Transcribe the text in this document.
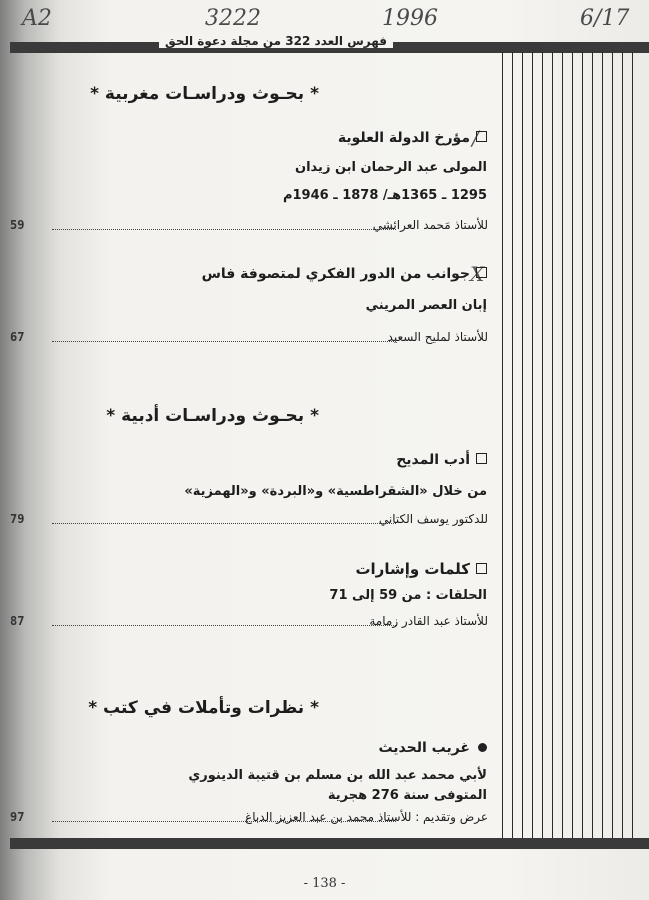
A2	3222	1996	6/17
فهرس العدد 322 من مجلة دعوة الحق
* بحـوث ودراسـات مغربية *
/
مؤرخ الدولة العلوية
المولى عبد الرحمان ابن زيدان
1295 ـ 1365هـ/ 1878 ـ 1946م
59	للأستاذ مَحمد العرائشي
X
جوانب من الدور الفكري لمتصوفة فاس
إبان العصر المريني
67	للأستاذ لمليح السعيد
* بحـوث ودراسـات أدبية *
أدب المديح
من خلال «الشقراطسية» و«البردة» و«الهمزية»
79	للدكتور يوسف الكتاني
كلمات وإشارات
الحلقات : من 59 إلى 71
87	للأستاذ عبد القادر زمامة
* نظرات وتأملات في كتب *
غريب الحديث
لأبي محمد عبد الله بن مسلم بن قتيبة الدينوري
المتوفى سنة 276 هجرية
97	عرض وتقديم : للأستاذ محمد بن عبد العزيز الدباغ
- 138 -
